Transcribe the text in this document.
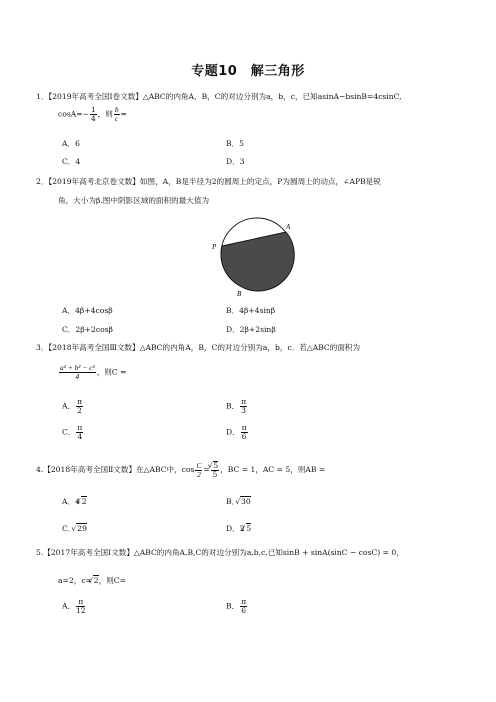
专题10　解三角形
1．【2019年高考全国Ⅰ卷文数】△ABC的内角A，B，C的对边分别为a，b，c，已知asinA−bsinB=4csinC,
$\cos A=- \frac{1}{4}$ ，则 $\frac{b}{c}$ =
A．6	B．5
C．4	D．3
2．【2019年高考北京卷文数】如图，A，B是半径为2的圆周上的定点，P为圆周上的动点，∠APB是锐
角，大小为β.图中阴影区域的面积的最大值为
A
P
B
A．4β+4cosβ	B．4β+4sinβ
C．2β+2cosβ	D．2β+2sinβ
3．【2018年高考全国Ⅲ文数】△ABC的内角A，B，C的对边分别为a，b，c．若△ABC的面积为
$\frac{\text{a² + b² − c²}}{4}$ ，则C =
A． $\frac{\pi}{2}$	B． $\frac{\pi}{3}$
C． $\frac{\pi}{4}$	D． $\frac{\pi}{6}$
4.【2018年高考全国Ⅱ文数】在△ABC中，$\cos \frac{C}{2}$ = √ $\frac{5}{5}$ ，BC = 1，AC = 5，则AB =
A．4 √ 2	B． √ 30
C． √ 29	D．2 √ 5
5.【2017年高考全国Ⅰ文数】△ABC的内角A,B,C的对边分别为a,b,c,已知sinB + sinA(sinC − cosC) = 0，
a=2，c= √ 2，则C=
A． $\frac{\pi}{12}$	B． $\frac{\pi}{6}$
